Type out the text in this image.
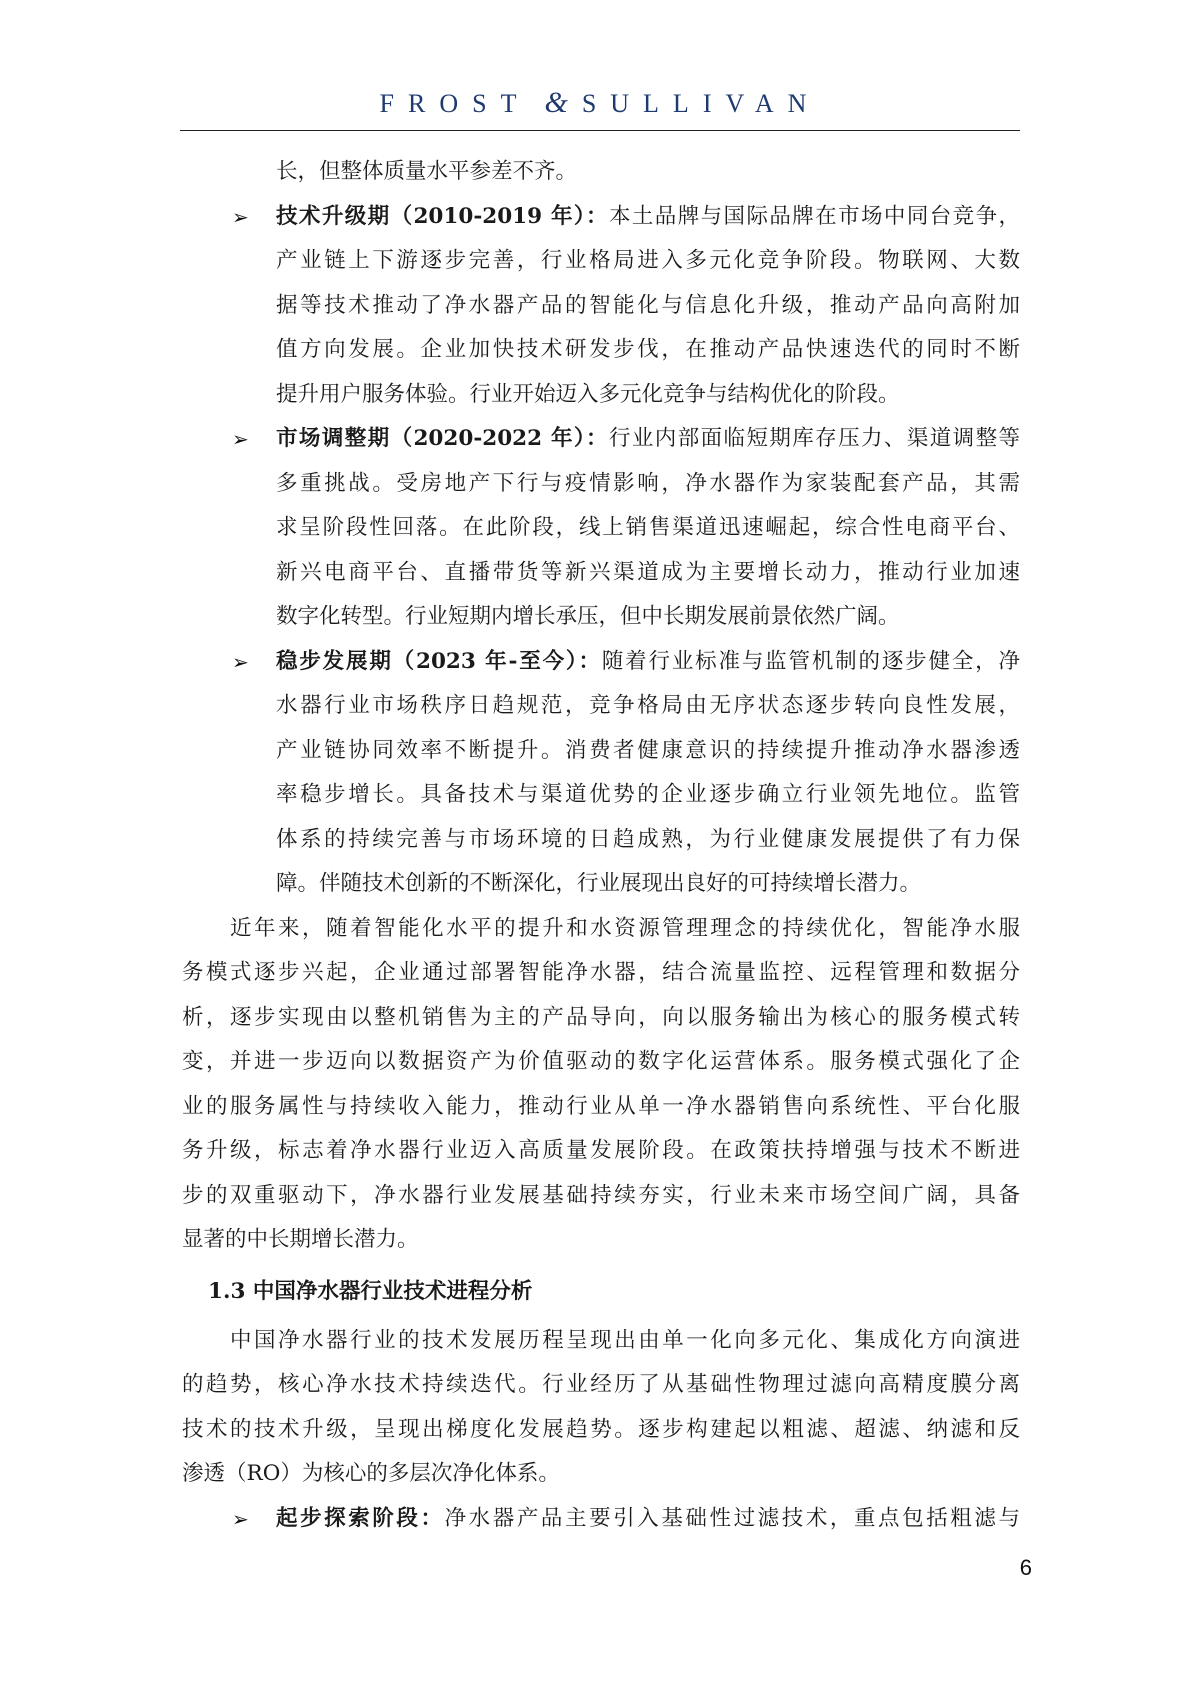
FROST & SULLIVAN
长，但整体质量水平参差不齐。
➢ 技术升级期（2010-2019 年）：本土品牌与国际品牌在市场中同台竞争，
产业链上下游逐步完善，行业格局进入多元化竞争阶段。物联网、大数
据等技术推动了净水器产品的智能化与信息化升级，推动产品向高附加
值方向发展。企业加快技术研发步伐，在推动产品快速迭代的同时不断
提升用户服务体验。行业开始迈入多元化竞争与结构优化的阶段。
➢ 市场调整期（2020-2022 年）：行业内部面临短期库存压力、渠道调整等
多重挑战。受房地产下行与疫情影响，净水器作为家装配套产品，其需
求呈阶段性回落。在此阶段，线上销售渠道迅速崛起，综合性电商平台、
新兴电商平台、直播带货等新兴渠道成为主要增长动力，推动行业加速
数字化转型。行业短期内增长承压，但中长期发展前景依然广阔。
➢ 稳步发展期（2023 年-至今）：随着行业标准与监管机制的逐步健全，净
水器行业市场秩序日趋规范，竞争格局由无序状态逐步转向良性发展，
产业链协同效率不断提升。消费者健康意识的持续提升推动净水器渗透
率稳步增长。具备技术与渠道优势的企业逐步确立行业领先地位。监管
体系的持续完善与市场环境的日趋成熟，为行业健康发展提供了有力保
障。伴随技术创新的不断深化，行业展现出良好的可持续增长潜力。
近年来，随着智能化水平的提升和水资源管理理念的持续优化，智能净水服
务模式逐步兴起，企业通过部署智能净水器，结合流量监控、远程管理和数据分
析，逐步实现由以整机销售为主的产品导向，向以服务输出为核心的服务模式转
变，并进一步迈向以数据资产为价值驱动的数字化运营体系。服务模式强化了企
业的服务属性与持续收入能力，推动行业从单一净水器销售向系统性、平台化服
务升级，标志着净水器行业迈入高质量发展阶段。在政策扶持增强与技术不断进
步的双重驱动下，净水器行业发展基础持续夯实，行业未来市场空间广阔，具备
显著的中长期增长潜力。
1.3 中国净水器行业技术进程分析
中国净水器行业的技术发展历程呈现出由单一化向多元化、集成化方向演进
的趋势，核心净水技术持续迭代。行业经历了从基础性物理过滤向高精度膜分离
技术的技术升级，呈现出梯度化发展趋势。逐步构建起以粗滤、超滤、纳滤和反
渗透（RO）为核心的多层次净化体系。
➢ 起步探索阶段：净水器产品主要引入基础性过滤技术，重点包括粗滤与
6
